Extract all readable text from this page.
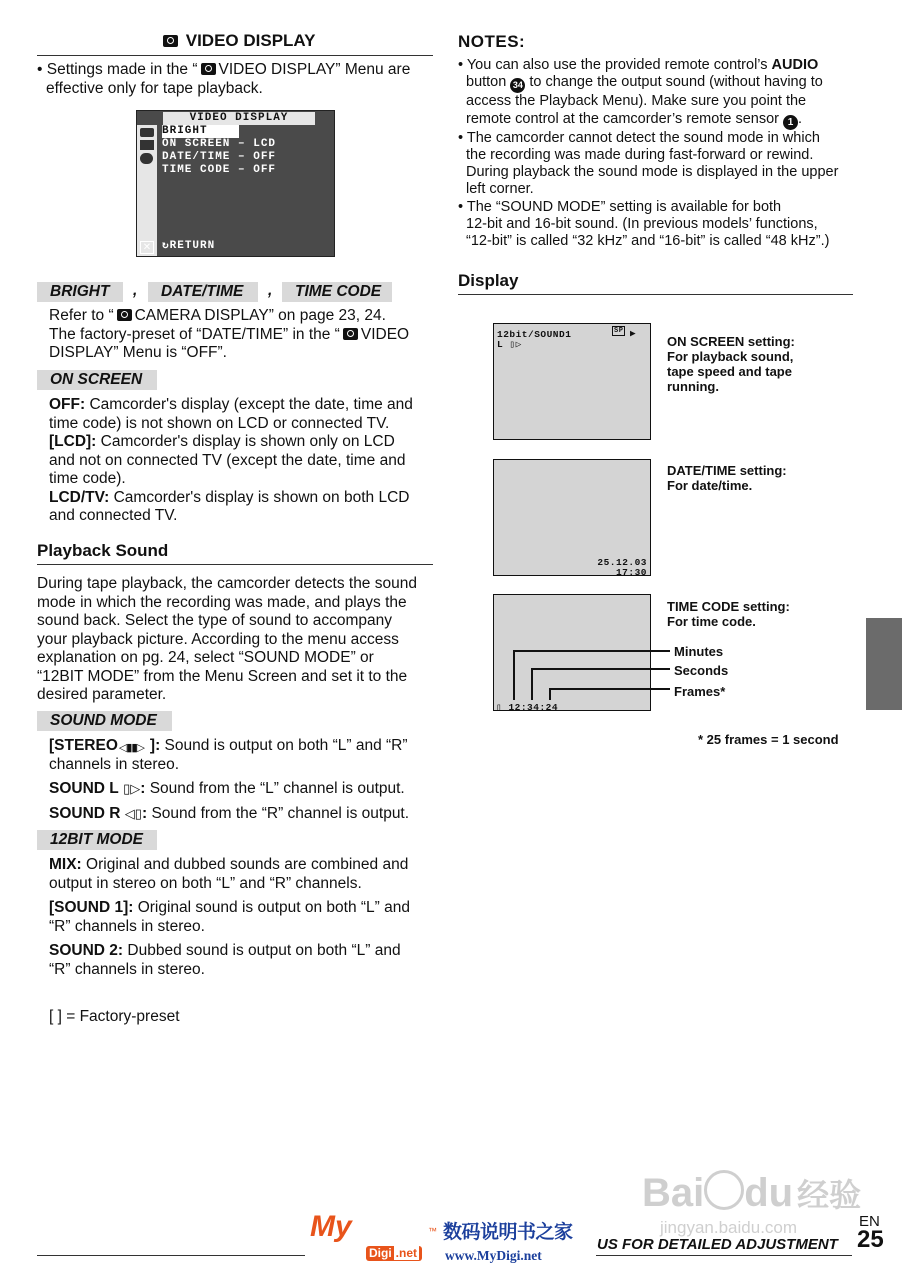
VIDEO DISPLAY
• Settings made in the “ VIDEO DISPLAY” Menu are
effective only for tape playback.
VIDEO DISPLAY
BRIGHT
ON SCREEN – LCD
DATE/TIME – OFF
TIME CODE – OFF
✕ ↻RETURN
BRIGHT	,	DATE/TIME	,	TIME CODE
Refer to “ CAMERA DISPLAY” on page 23, 24.
The factory-preset of “DATE/TIME” in the “ VIDEO
DISPLAY” Menu is “OFF”.
ON SCREEN
OFF: Camcorder's display (except the date, time and
time code) is not shown on LCD or connected TV.
[LCD]: Camcorder's display is shown only on LCD
and not on connected TV (except the date, time and
time code).
LCD/TV: Camcorder's display is shown on both LCD
and connected TV.
Playback Sound
During tape playback, the camcorder detects the sound
mode in which the recording was made, and plays the
sound back. Select the type of sound to accompany
your playback picture. According to the menu access
explanation on pg. 24, select “SOUND MODE” or
“12BIT MODE” from the Menu Screen and set it to the
desired parameter.
SOUND MODE
[STEREO◁▮▮▷ ]: Sound is output on both “L” and “R”
channels in stereo.
SOUND L ▯▷: Sound from the “L” channel is output.
SOUND R ◁▯: Sound from the “R” channel is output.
12BIT MODE
MIX: Original and dubbed sounds are combined and
output in stereo on both “L” and “R” channels.
[SOUND 1]: Original sound is output on both “L” and
“R” channels in stereo.
SOUND 2: Dubbed sound is output on both “L” and
“R” channels in stereo.
[ ] = Factory-preset
NOTES:
• You can also use the provided remote control’s AUDIO
button 34 to change the output sound (without having to
access the Playback Menu). Make sure you point the
remote control at the camcorder’s remote sensor 1 .
• The camcorder cannot detect the sound mode in which
the recording was made during fast-forward or rewind.
During playback the sound mode is displayed in the upper
left corner.
• The “SOUND MODE” setting is available for both
12-bit and 16-bit sound. (In previous models’ functions,
“12-bit” is called “32 kHz” and “16-bit” is called “48 kHz”.)
Display
12bit/SOUND1
L ▯▷
SP ▶
ON SCREEN setting:
For playback sound,
tape speed and tape
running.
25.12.03
17:30
DATE/TIME setting:
For date/time.
▯ 12:34:24
TIME CODE setting:
For time code.
Minutes
Seconds
Frames*
* 25 frames = 1 second
Bai du 经验
jingyan.baidu.com
My	™
Digi .net
数码说明书之家
www.MyDigi.net
US FOR DETAILED ADJUSTMENT
EN
25
